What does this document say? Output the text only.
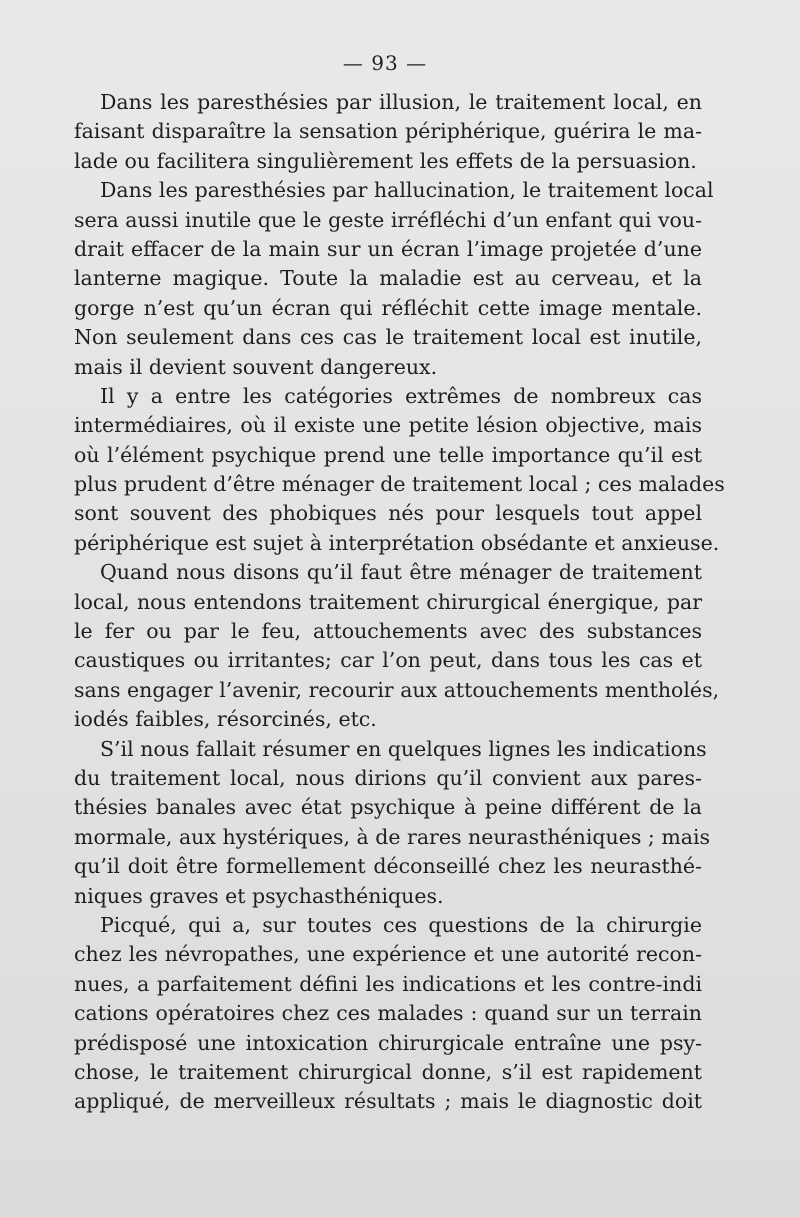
— 93 —
Dans les paresthésies par illusion, le traitement local, en
faisant disparaître la sensation périphérique, guérira le ma-
lade ou facilitera singulièrement les effets de la persuasion.
Dans les paresthésies par hallucination, le traitement local
sera aussi inutile que le geste irréfléchi d’un enfant qui vou-
drait effacer de la main sur un écran l’image projetée d’une
lanterne magique. Toute la maladie est au cerveau, et la
gorge n’est qu’un écran qui réfléchit cette image mentale.
Non seulement dans ces cas le traitement local est inutile,
mais il devient souvent dangereux.
Il y a entre les catégories extrêmes de nombreux cas
intermédiaires, où il existe une petite lésion objective, mais
où l’élément psychique prend une telle importance qu’il est
plus prudent d’être ménager de traitement local ; ces malades
sont souvent des phobiques nés pour lesquels tout appel
périphérique est sujet à interprétation obsédante et anxieuse.
Quand nous disons qu’il faut être ménager de traitement
local, nous entendons traitement chirurgical énergique, par
le fer ou par le feu, attouchements avec des substances
caustiques ou irritantes; car l’on peut, dans tous les cas et
sans engager l’avenir, recourir aux attouchements mentholés,
iodés faibles, résorcinés, etc.
S’il nous fallait résumer en quelques lignes les indications
du traitement local, nous dirions qu’il convient aux pares-
thésies banales avec état psychique à peine différent de la
mormale, aux hystériques, à de rares neurasthéniques ; mais
qu’il doit être formellement déconseillé chez les neurasthé-
niques graves et psychasthéniques.
Picqué, qui a, sur toutes ces questions de la chirurgie
chez les névropathes, une expérience et une autorité recon-
nues, a parfaitement défini les indications et les contre-indi
cations opératoires chez ces malades : quand sur un terrain
prédisposé une intoxication chirurgicale entraîne une psy-
chose, le traitement chirurgical donne, s’il est rapidement
appliqué, de merveilleux résultats ; mais le diagnostic doit
